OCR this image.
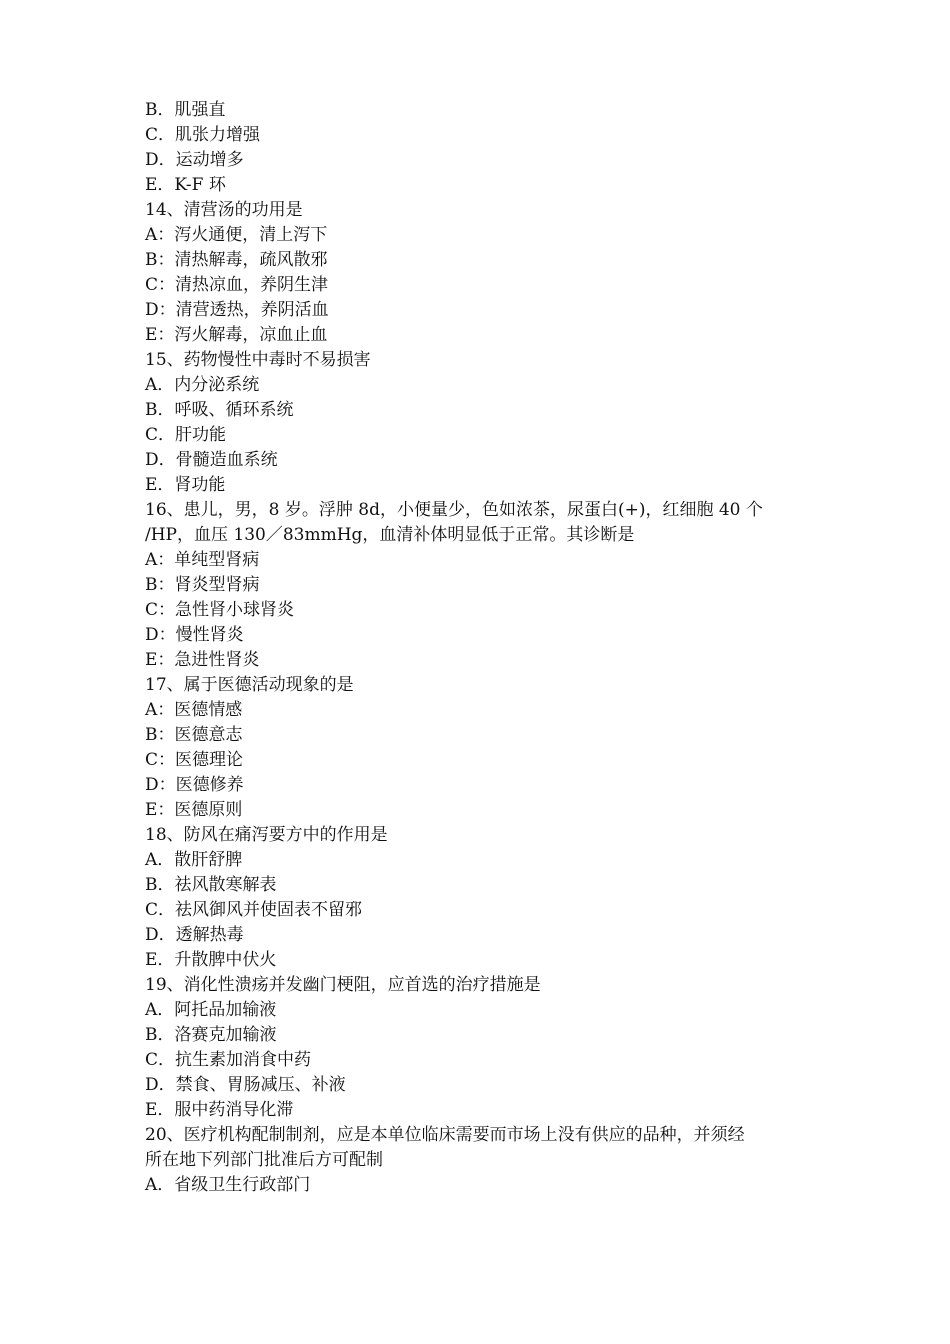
B．肌强直
C．肌张力增强
D．运动增多
E．K-F 环
14、清营汤的功用是
A：泻火通便，清上泻下
B：清热解毒，疏风散邪
C：清热凉血，养阴生津
D：清营透热，养阴活血
E：泻火解毒，凉血止血
15、药物慢性中毒时不易损害
A．内分泌系统
B．呼吸、循环系统
C．肝功能
D．骨髓造血系统
E．肾功能
16、患儿，男，8 岁。浮肿 8d，小便量少，色如浓茶，尿蛋白(+)，红细胞 40 个
/HP，血压 130／83mmHg，血清补体明显低于正常。其诊断是
A：单纯型肾病
B：肾炎型肾病
C：急性肾小球肾炎
D：慢性肾炎
E：急进性肾炎
17、属于医德活动现象的是
A：医德情感
B：医德意志
C：医德理论
D：医德修养
E：医德原则
18、防风在痛泻要方中的作用是
A．散肝舒脾
B．祛风散寒解表
C．祛风御风并使固表不留邪
D．透解热毒
E．升散脾中伏火
19、消化性溃疡并发幽门梗阻，应首选的治疗措施是
A．阿托品加输液
B．洛赛克加输液
C．抗生素加消食中药
D．禁食、胃肠减压、补液
E．服中药消导化滞
20、医疗机构配制制剂，应是本单位临床需要而市场上没有供应的品种，并须经
所在地下列部门批准后方可配制
A．省级卫生行政部门
